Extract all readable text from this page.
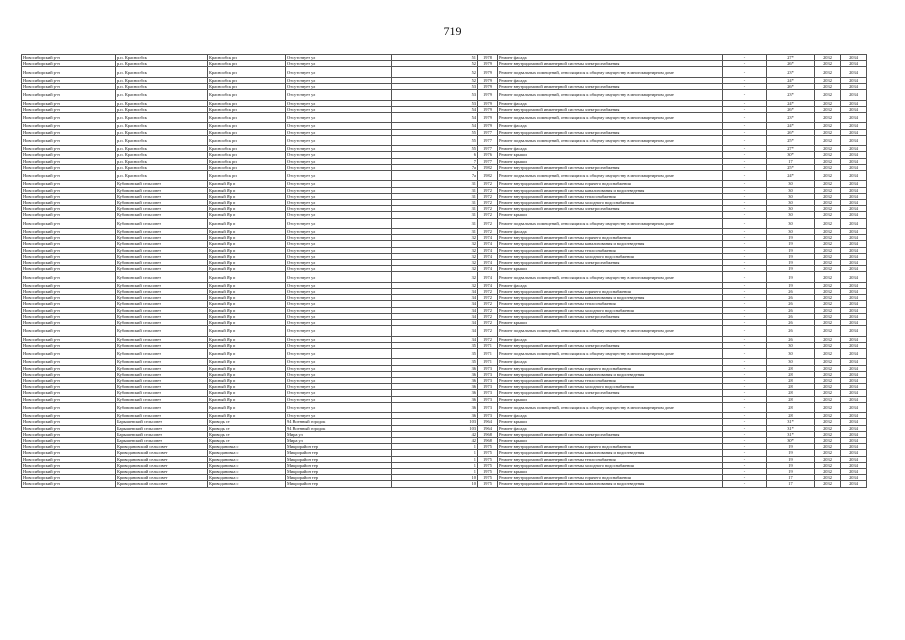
719
Новосибирский р-н	р.п. Краснообск	Краснообск рп	Отсутствует ул	51	1978	Ремонт фасада	-	27*	2032	2034
Новосибирский р-н	р.п. Краснообск	Краснообск рп	Отсутствует ул	52	1979	Ремонт внутридомовой инженерной системы электроснабжения	-	26*	2032	2034
Новосибирский р-н	р.п. Краснообск	Краснообск рп	Отсутствует ул	52	1979	Ремонт подвальных помещений, относящихся к общему имуществу в многоквартирном доме	-	23*	2032	2034
Новосибирский р-н	р.п. Краснообск	Краснообск рп	Отсутствует ул	52	1979	Ремонт фасада	-	24*	2032	2034
Новосибирский р-н	р.п. Краснообск	Краснообск рп	Отсутствует ул	53	1979	Ремонт внутридомовой инженерной системы электроснабжения	-	26*	2032	2034
Новосибирский р-н	р.п. Краснообск	Краснообск рп	Отсутствует ул	53	1979	Ремонт подвальных помещений, относящихся к общему имуществу в многоквартирном доме	-	23*	2032	2034
Новосибирский р-н	р.п. Краснообск	Краснообск рп	Отсутствует ул	53	1979	Ремонт фасада	-	24*	2032	2034
Новосибирский р-н	р.п. Краснообск	Краснообск рп	Отсутствует ул	54	1979	Ремонт внутридомовой инженерной системы электроснабжения	-	26*	2032	2034
Новосибирский р-н	р.п. Краснообск	Краснообск рп	Отсутствует ул	54	1979	Ремонт подвальных помещений, относящихся к общему имуществу в многоквартирном доме	-	23*	2032	2034
Новосибирский р-н	р.п. Краснообск	Краснообск рп	Отсутствует ул	54	1979	Ремонт фасада	-	24*	2032	2034
Новосибирский р-н	р.п. Краснообск	Краснообск рп	Отсутствует ул	55	1977	Ремонт внутридомовой инженерной системы электроснабжения	-	26*	2032	2034
Новосибирский р-н	р.п. Краснообск	Краснообск рп	Отсутствует ул	55	1977	Ремонт подвальных помещений, относящихся к общему имуществу в многоквартирном доме	-	25*	2032	2034
Новосибирский р-н	р.п. Краснообск	Краснообск рп	Отсутствует ул	55	1977	Ремонт фасада	-	27*	2032	2034
Новосибирский р-н	р.п. Краснообск	Краснообск рп	Отсутствует ул	6	1976	Ремонт крыши	-	30*	2032	2034
Новосибирский р-н	р.п. Краснообск	Краснообск рп	Отсутствует ул	7	1977	Ремонт крыши	-	17	2032	2034
Новосибирский р-н	р.п. Краснообск	Краснообск рп	Отсутствует ул	7а	1982	Ремонт внутридомовой инженерной системы электроснабжения	-	25*	2032	2034
Новосибирский р-н	р.п. Краснообск	Краснообск рп	Отсутствует ул	7а	1982	Ремонт подвальных помещений, относящихся к общему имуществу в многоквартирном доме	-	24*	2032	2034
Новосибирский р-н	Кубовинский сельсовет	Красный Яр п	Отсутствует ул	31	1972	Ремонт внутридомовой инженерной системы горячего водоснабжения	-	30	2032	2034
Новосибирский р-н	Кубовинский сельсовет	Красный Яр п	Отсутствует ул	31	1972	Ремонт внутридомовой инженерной системы канализования и водоотведения	-	30	2032	2034
Новосибирский р-н	Кубовинский сельсовет	Красный Яр п	Отсутствует ул	31	1972	Ремонт внутридомовой инженерной системы теплоснабжения	-	30	2032	2034
Новосибирский р-н	Кубовинский сельсовет	Красный Яр п	Отсутствует ул	31	1972	Ремонт внутридомовой инженерной системы холодного водоснабжения	-	30	2032	2034
Новосибирский р-н	Кубовинский сельсовет	Красный Яр п	Отсутствует ул	31	1972	Ремонт внутридомовой инженерной системы электроснабжения	-	30	2032	2034
Новосибирский р-н	Кубовинский сельсовет	Красный Яр п	Отсутствует ул	31	1972	Ремонт крыши	-	30	2032	2034
Новосибирский р-н	Кубовинский сельсовет	Красный Яр п	Отсутствует ул	31	1972	Ремонт подвальных помещений, относящихся к общему имуществу в многоквартирном доме	-	30	2032	2034
Новосибирский р-н	Кубовинский сельсовет	Красный Яр п	Отсутствует ул	31	1972	Ремонт фасада	-	30	2032	2034
Новосибирский р-н	Кубовинский сельсовет	Красный Яр п	Отсутствует ул	32	1974	Ремонт внутридомовой инженерной системы горячего водоснабжения	-	19	2032	2034
Новосибирский р-н	Кубовинский сельсовет	Красный Яр п	Отсутствует ул	32	1974	Ремонт внутридомовой инженерной системы канализования и водоотведения	-	19	2032	2034
Новосибирский р-н	Кубовинский сельсовет	Красный Яр п	Отсутствует ул	32	1974	Ремонт внутридомовой инженерной системы теплоснабжения	-	19	2032	2034
Новосибирский р-н	Кубовинский сельсовет	Красный Яр п	Отсутствует ул	32	1974	Ремонт внутридомовой инженерной системы холодного водоснабжения	-	19	2032	2034
Новосибирский р-н	Кубовинский сельсовет	Красный Яр п	Отсутствует ул	32	1974	Ремонт внутридомовой инженерной системы электроснабжения	-	19	2032	2034
Новосибирский р-н	Кубовинский сельсовет	Красный Яр п	Отсутствует ул	32	1974	Ремонт крыши	-	19	2032	2034
Новосибирский р-н	Кубовинский сельсовет	Красный Яр п	Отсутствует ул	32	1974	Ремонт подвальных помещений, относящихся к общему имуществу в многоквартирном доме	-	19	2032	2034
Новосибирский р-н	Кубовинский сельсовет	Красный Яр п	Отсутствует ул	32	1974	Ремонт фасада	-	19	2032	2034
Новосибирский р-н	Кубовинский сельсовет	Красный Яр п	Отсутствует ул	34	1972	Ремонт внутридомовой инженерной системы горячего водоснабжения	-	26	2032	2034
Новосибирский р-н	Кубовинский сельсовет	Красный Яр п	Отсутствует ул	34	1972	Ремонт внутридомовой инженерной системы канализования и водоотведения	-	26	2032	2034
Новосибирский р-н	Кубовинский сельсовет	Красный Яр п	Отсутствует ул	34	1972	Ремонт внутридомовой инженерной системы теплоснабжения	-	26	2032	2034
Новосибирский р-н	Кубовинский сельсовет	Красный Яр п	Отсутствует ул	34	1972	Ремонт внутридомовой инженерной системы холодного водоснабжения	-	26	2032	2034
Новосибирский р-н	Кубовинский сельсовет	Красный Яр п	Отсутствует ул	34	1972	Ремонт внутридомовой инженерной системы электроснабжения	-	26	2032	2034
Новосибирский р-н	Кубовинский сельсовет	Красный Яр п	Отсутствует ул	34	1972	Ремонт крыши	-	26	2032	2034
Новосибирский р-н	Кубовинский сельсовет	Красный Яр п	Отсутствует ул	34	1972	Ремонт подвальных помещений, относящихся к общему имуществу в многоквартирном доме	-	26	2032	2034
Новосибирский р-н	Кубовинский сельсовет	Красный Яр п	Отсутствует ул	34	1972	Ремонт фасада	-	26	2032	2034
Новосибирский р-н	Кубовинский сельсовет	Красный Яр п	Отсутствует ул	35	1971	Ремонт внутридомовой инженерной системы электроснабжения	-	30	2032	2034
Новосибирский р-н	Кубовинский сельсовет	Красный Яр п	Отсутствует ул	35	1971	Ремонт подвальных помещений, относящихся к общему имуществу в многоквартирном доме	-	30	2032	2034
Новосибирский р-н	Кубовинский сельсовет	Красный Яр п	Отсутствует ул	35	1971	Ремонт фасада	-	30	2032	2034
Новосибирский р-н	Кубовинский сельсовет	Красный Яр п	Отсутствует ул	36	1973	Ремонт внутридомовой инженерной системы горячего водоснабжения	-	28	2032	2034
Новосибирский р-н	Кубовинский сельсовет	Красный Яр п	Отсутствует ул	36	1973	Ремонт внутридомовой инженерной системы канализования и водоотведения	-	28	2032	2034
Новосибирский р-н	Кубовинский сельсовет	Красный Яр п	Отсутствует ул	36	1973	Ремонт внутридомовой инженерной системы теплоснабжения	-	28	2032	2034
Новосибирский р-н	Кубовинский сельсовет	Красный Яр п	Отсутствует ул	36	1973	Ремонт внутридомовой инженерной системы холодного водоснабжения	-	28	2032	2034
Новосибирский р-н	Кубовинский сельсовет	Красный Яр п	Отсутствует ул	36	1973	Ремонт внутридомовой инженерной системы электроснабжения	-	28	2032	2034
Новосибирский р-н	Кубовинский сельсовет	Красный Яр п	Отсутствует ул	36	1973	Ремонт крыши	-	28	2032	2034
Новосибирский р-н	Кубовинский сельсовет	Красный Яр п	Отсутствует ул	36	1973	Ремонт подвальных помещений, относящихся к общему имуществу в многоквартирном доме	-	28	2032	2034
Новосибирский р-н	Кубовинский сельсовет	Красный Яр п	Отсутствует ул	36	1973	Ремонт фасада	-	28	2032	2034
Новосибирский р-н	Барышевский сельсовет	Криводь ст	94 Военный городок	103	1964	Ремонт крыши	-	31*	2032	2034
Новосибирский р-н	Барышевский сельсовет	Криводь ст	94 Военный городок	103	1964	Ремонт фасада	-	31*	2032	2034
Новосибирский р-н	Барышевский сельсовет	Криводь ст	Мира ул	42	1968	Ремонт внутридомовой инженерной системы электроснабжения	-	31*	2032	2034
Новосибирский р-н	Барышевский сельсовет	Криводь ст	Мира ул	42	1968	Ремонт крыши	-	30*	2032	2034
Новосибирский р-н	Криводановский сельсовет	Криводановка с	Микрорайон тер	1	1975	Ремонт внутридомовой инженерной системы горячего водоснабжения	-	19	2032	2034
Новосибирский р-н	Криводановский сельсовет	Криводановка с	Микрорайон тер	1	1975	Ремонт внутридомовой инженерной системы канализования и водоотведения	-	19	2032	2034
Новосибирский р-н	Криводановский сельсовет	Криводановка с	Микрорайон тер	1	1975	Ремонт внутридомовой инженерной системы теплоснабжения	-	19	2032	2034
Новосибирский р-н	Криводановский сельсовет	Криводановка с	Микрорайон тер	1	1975	Ремонт внутридомовой инженерной системы холодного водоснабжения	-	19	2032	2034
Новосибирский р-н	Криводановский сельсовет	Криводановка с	Микрорайон тер	1	1975	Ремонт крыши	-	19	2032	2034
Новосибирский р-н	Криводановский сельсовет	Криводановка с	Микрорайон тер	10	1975	Ремонт внутридомовой инженерной системы горячего водоснабжения	-	17	2032	2034
Новосибирский р-н	Криводановский сельсовет	Криводановка с	Микрорайон тер	10	1975	Ремонт внутридомовой инженерной системы канализования и водоотведения	-	17	2032	2034
